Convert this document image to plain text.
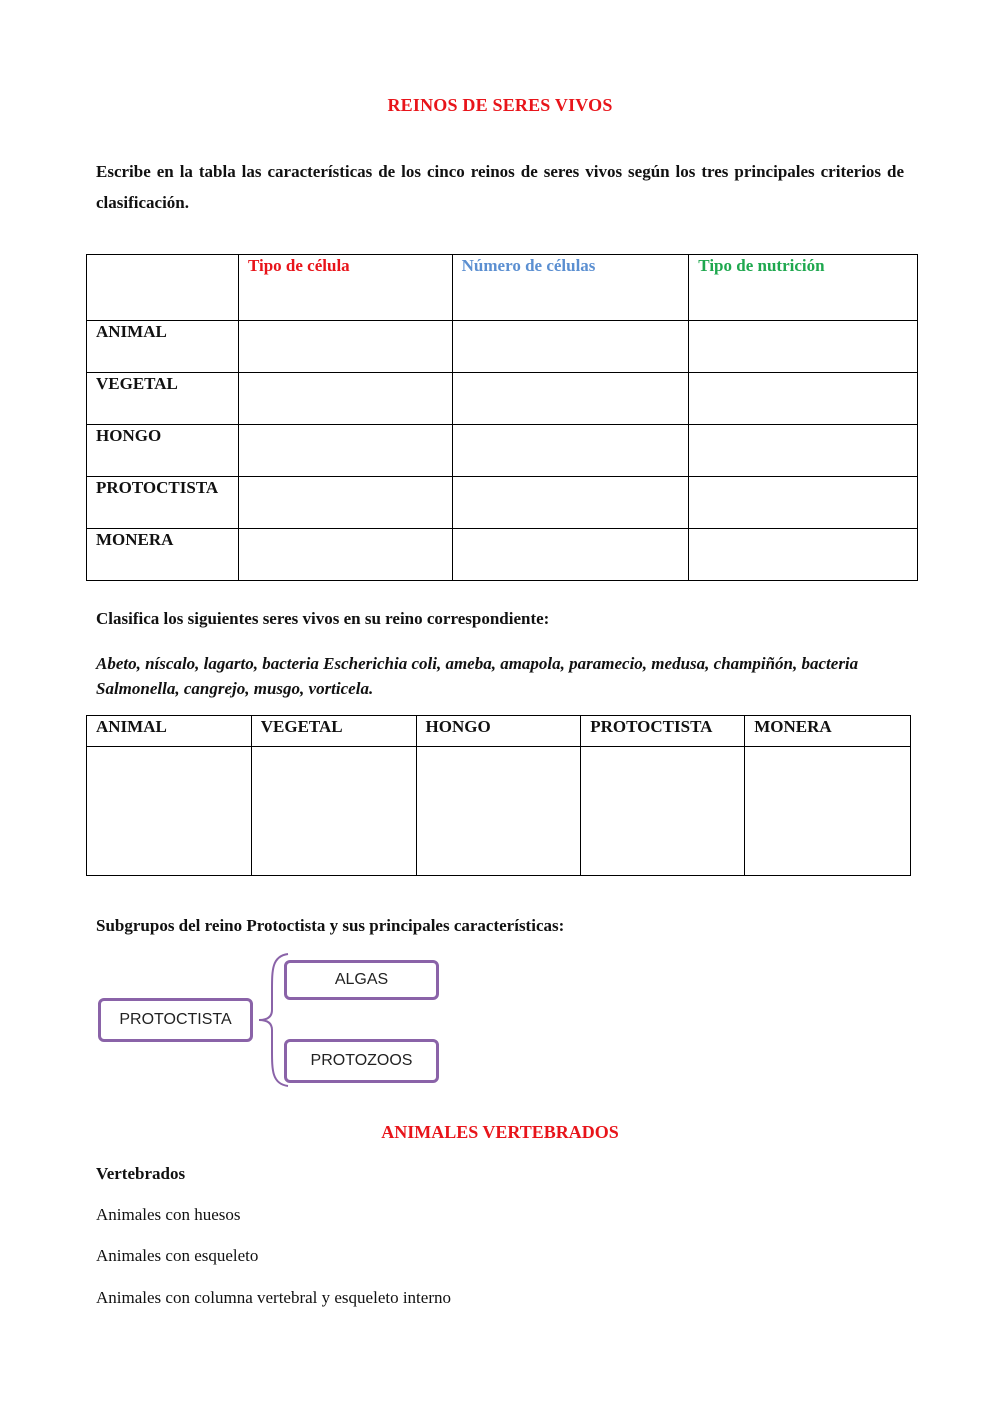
REINOS DE SERES VIVOS
Escribe en la tabla las características de los cinco reinos de seres vivos según los tres principales criterios de clasificación.
	Tipo de célula	Número de células	Tipo de nutrición
ANIMAL			
VEGETAL			
HONGO			
PROTOCTISTA			
MONERA			
Clasifica los siguientes seres vivos en su reino correspondiente:
Abeto, níscalo, lagarto, bacteria Escherichia coli, ameba, amapola, paramecio, medusa, champiñón, bacteria Salmonella, cangrejo, musgo, vorticela.
ANIMAL	VEGETAL	HONGO	PROTOCTISTA	MONERA

Subgrupos del reino Protoctista y sus principales características:
PROTOCTISTA
ALGAS
PROTOZOOS
ANIMALES VERTEBRADOS
Vertebrados
Animales con huesos
Animales con esqueleto
Animales con columna vertebral y esqueleto interno
